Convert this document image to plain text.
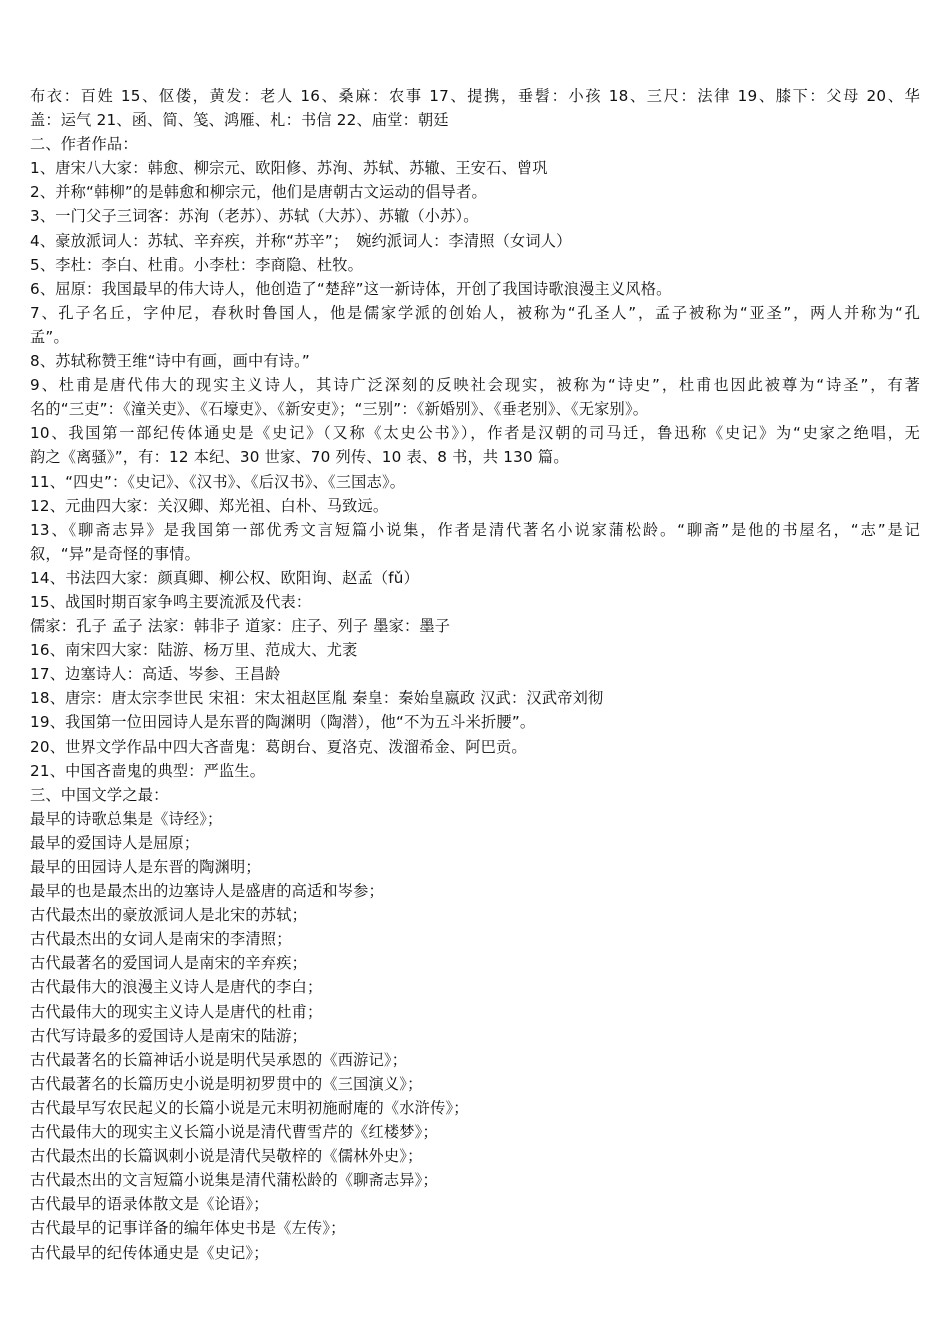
布衣：百姓 15、伛偻，黄发：老人 16、桑麻：农事 17、提携，垂髫：小孩 18、三尺：法律 19、膝下：父母 20、华
盖：运气 21、函、简、笺、鸿雁、札：书信 22、庙堂：朝廷
二、作者作品：
1、唐宋八大家：韩愈、柳宗元、欧阳修、苏洵、苏轼、苏辙、王安石、曾巩
2、并称“韩柳”的是韩愈和柳宗元，他们是唐朝古文运动的倡导者。
3、一门父子三词客：苏洵（老苏）、苏轼（大苏）、苏辙（小苏）。
4、豪放派词人：苏轼、辛弃疾，并称“苏辛”；　婉约派词人：李清照（女词人）
5、李杜：李白、杜甫。小李杜：李商隐、杜牧。
6、屈原：我国最早的伟大诗人，他创造了“楚辞”这一新诗体，开创了我国诗歌浪漫主义风格。
7、孔子名丘，字仲尼，春秋时鲁国人，他是儒家学派的创始人，被称为“孔圣人”，孟子被称为“亚圣”，两人并称为“孔
孟”。
8、苏轼称赞王维“诗中有画，画中有诗。”
9、杜甫是唐代伟大的现实主义诗人，其诗广泛深刻的反映社会现实，被称为“诗史”，杜甫也因此被尊为“诗圣”，有著
名的“三吏”：《潼关吏》、《石壕吏》、《新安吏》；“三别”：《新婚别》、《垂老别》、《无家别》。
10、我国第一部纪传体通史是《史记》（又称《太史公书》），作者是汉朝的司马迁，鲁迅称《史记》为“史家之绝唱，无
韵之《离骚》”，有：12 本纪、30 世家、70 列传、10 表、8 书，共 130 篇。
11、“四史”：《史记》、《汉书》、《后汉书》、《三国志》。
12、元曲四大家：关汉卿、郑光祖、白朴、马致远。
13、《聊斋志异》是我国第一部优秀文言短篇小说集，作者是清代著名小说家蒲松龄。“聊斋”是他的书屋名，“志”是记
叙，“异”是奇怪的事情。
14、书法四大家：颜真卿、柳公权、欧阳询、赵孟（fǔ）
15、战国时期百家争鸣主要流派及代表：
儒家：孔子 孟子 法家：韩非子 道家：庄子、列子 墨家：墨子
16、南宋四大家：陆游、杨万里、范成大、尤袤
17、边塞诗人：高适、岑参、王昌龄
18、唐宗：唐太宗李世民 宋祖：宋太祖赵匡胤 秦皇：秦始皇嬴政 汉武：汉武帝刘彻
19、我国第一位田园诗人是东晋的陶渊明（陶潜），他“不为五斗米折腰”。
20、世界文学作品中四大吝啬鬼：葛朗台、夏洛克、泼溜希金、阿巴贡。
21、中国吝啬鬼的典型：严监生。
三、中国文学之最：
最早的诗歌总集是《诗经》；
最早的爱国诗人是屈原；
最早的田园诗人是东晋的陶渊明；
最早的也是最杰出的边塞诗人是盛唐的高适和岑参；
古代最杰出的豪放派词人是北宋的苏轼；
古代最杰出的女词人是南宋的李清照；
古代最著名的爱国词人是南宋的辛弃疾；
古代最伟大的浪漫主义诗人是唐代的李白；
古代最伟大的现实主义诗人是唐代的杜甫；
古代写诗最多的爱国诗人是南宋的陆游；
古代最著名的长篇神话小说是明代吴承恩的《西游记》；
古代最著名的长篇历史小说是明初罗贯中的《三国演义》；
古代最早写农民起义的长篇小说是元末明初施耐庵的《水浒传》；
古代最伟大的现实主义长篇小说是清代曹雪芹的《红楼梦》；
古代最杰出的长篇讽刺小说是清代吴敬梓的《儒林外史》；
古代最杰出的文言短篇小说集是清代蒲松龄的《聊斋志异》；
古代最早的语录体散文是《论语》；
古代最早的记事详备的编年体史书是《左传》；
古代最早的纪传体通史是《史记》；
